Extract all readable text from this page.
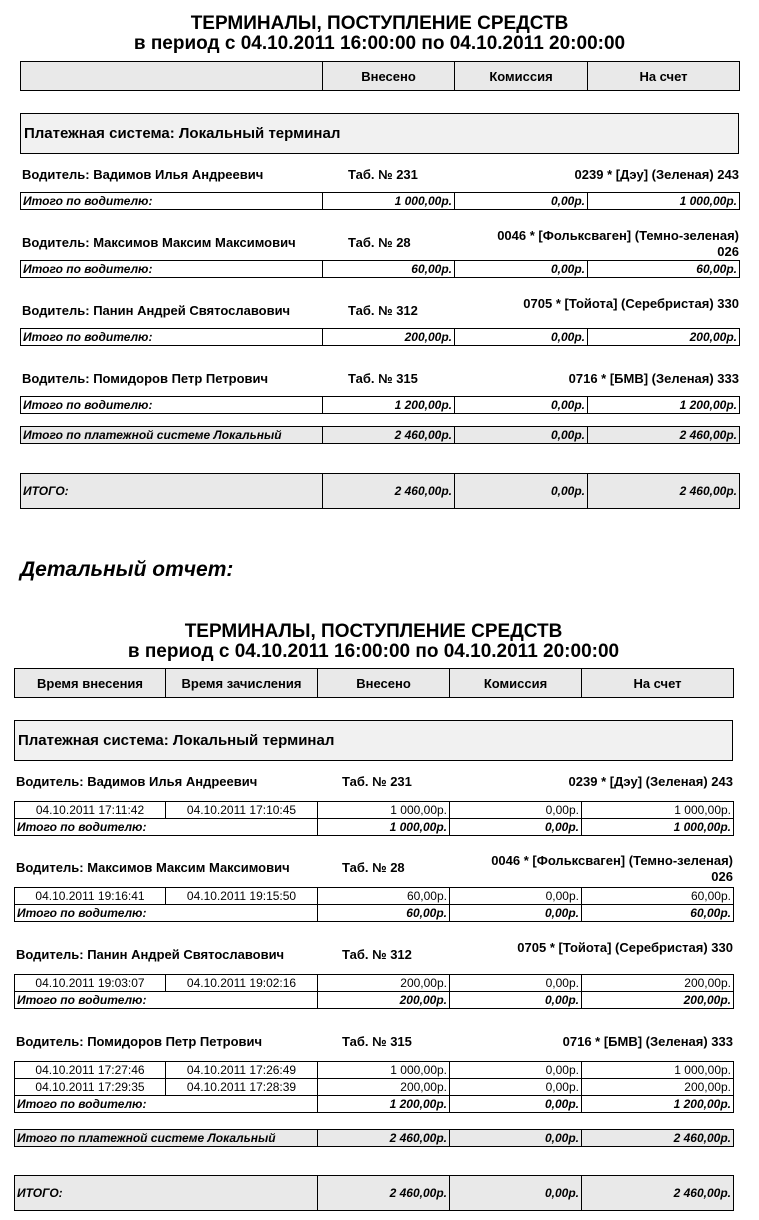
ТЕРМИНАЛЫ, ПОСТУПЛЕНИЕ СРЕДСТВ
в период с 04.10.2011 16:00:00 по 04.10.2011 20:00:00
	Внесено	Комиссия	На счет
Платежная система: Локальный терминал
Водитель: Вадимов Илья Андреевич	Таб. № 231	0239 * [Дэу] (Зеленая) 243
Итого по водителю:	1 000,00р.	0,00р.	1 000,00р.
Водитель: Максимов Максим Максимович	Таб. № 28	0046 * [Фольксваген] (Темно-зеленая) 026
Итого по водителю:	60,00р.	0,00р.	60,00р.
Водитель: Панин Андрей Святославович	Таб. № 312	0705 * [Тойота] (Серебристая) 330
Итого по водителю:	200,00р.	0,00р.	200,00р.
Водитель: Помидоров Петр Петрович	Таб. № 315	0716 * [БМВ] (Зеленая) 333
Итого по водителю:	1 200,00р.	0,00р.	1 200,00р.
Итого по платежной системе Локальный	2 460,00р.	0,00р.	2 460,00р.
ИТОГО:	2 460,00р.	0,00р.	2 460,00р.
Детальный отчет:
ТЕРМИНАЛЫ, ПОСТУПЛЕНИЕ СРЕДСТВ
в период с 04.10.2011 16:00:00 по 04.10.2011 20:00:00
Время внесения	Время зачисления	Внесено	Комиссия	На счет
Платежная система: Локальный терминал
Водитель: Вадимов Илья Андреевич	Таб. № 231	0239 * [Дэу] (Зеленая) 243
04.10.2011 17:11:42	04.10.2011 17:10:45	1 000,00р.	0,00р.	1 000,00р.
Итого по водителю:		1 000,00р.	0,00р.	1 000,00р.
Водитель: Максимов Максим Максимович	Таб. № 28	0046 * [Фольксваген] (Темно-зеленая) 026
04.10.2011 19:16:41	04.10.2011 19:15:50	60,00р.	0,00р.	60,00р.
Итого по водителю:		60,00р.	0,00р.	60,00р.
Водитель: Панин Андрей Святославович	Таб. № 312	0705 * [Тойота] (Серебристая) 330
04.10.2011 19:03:07	04.10.2011 19:02:16	200,00р.	0,00р.	200,00р.
Итого по водителю:		200,00р.	0,00р.	200,00р.
Водитель: Помидоров Петр Петрович	Таб. № 315	0716 * [БМВ] (Зеленая) 333
04.10.2011 17:27:46	04.10.2011 17:26:49	1 000,00р.	0,00р.	1 000,00р.
04.10.2011 17:29:35	04.10.2011 17:28:39	200,00р.	0,00р.	200,00р.
Итого по водителю:		1 200,00р.	0,00р.	1 200,00р.
Итого по платежной системе Локальный	2 460,00р.	0,00р.	2 460,00р.
ИТОГО:	2 460,00р.	0,00р.	2 460,00р.
